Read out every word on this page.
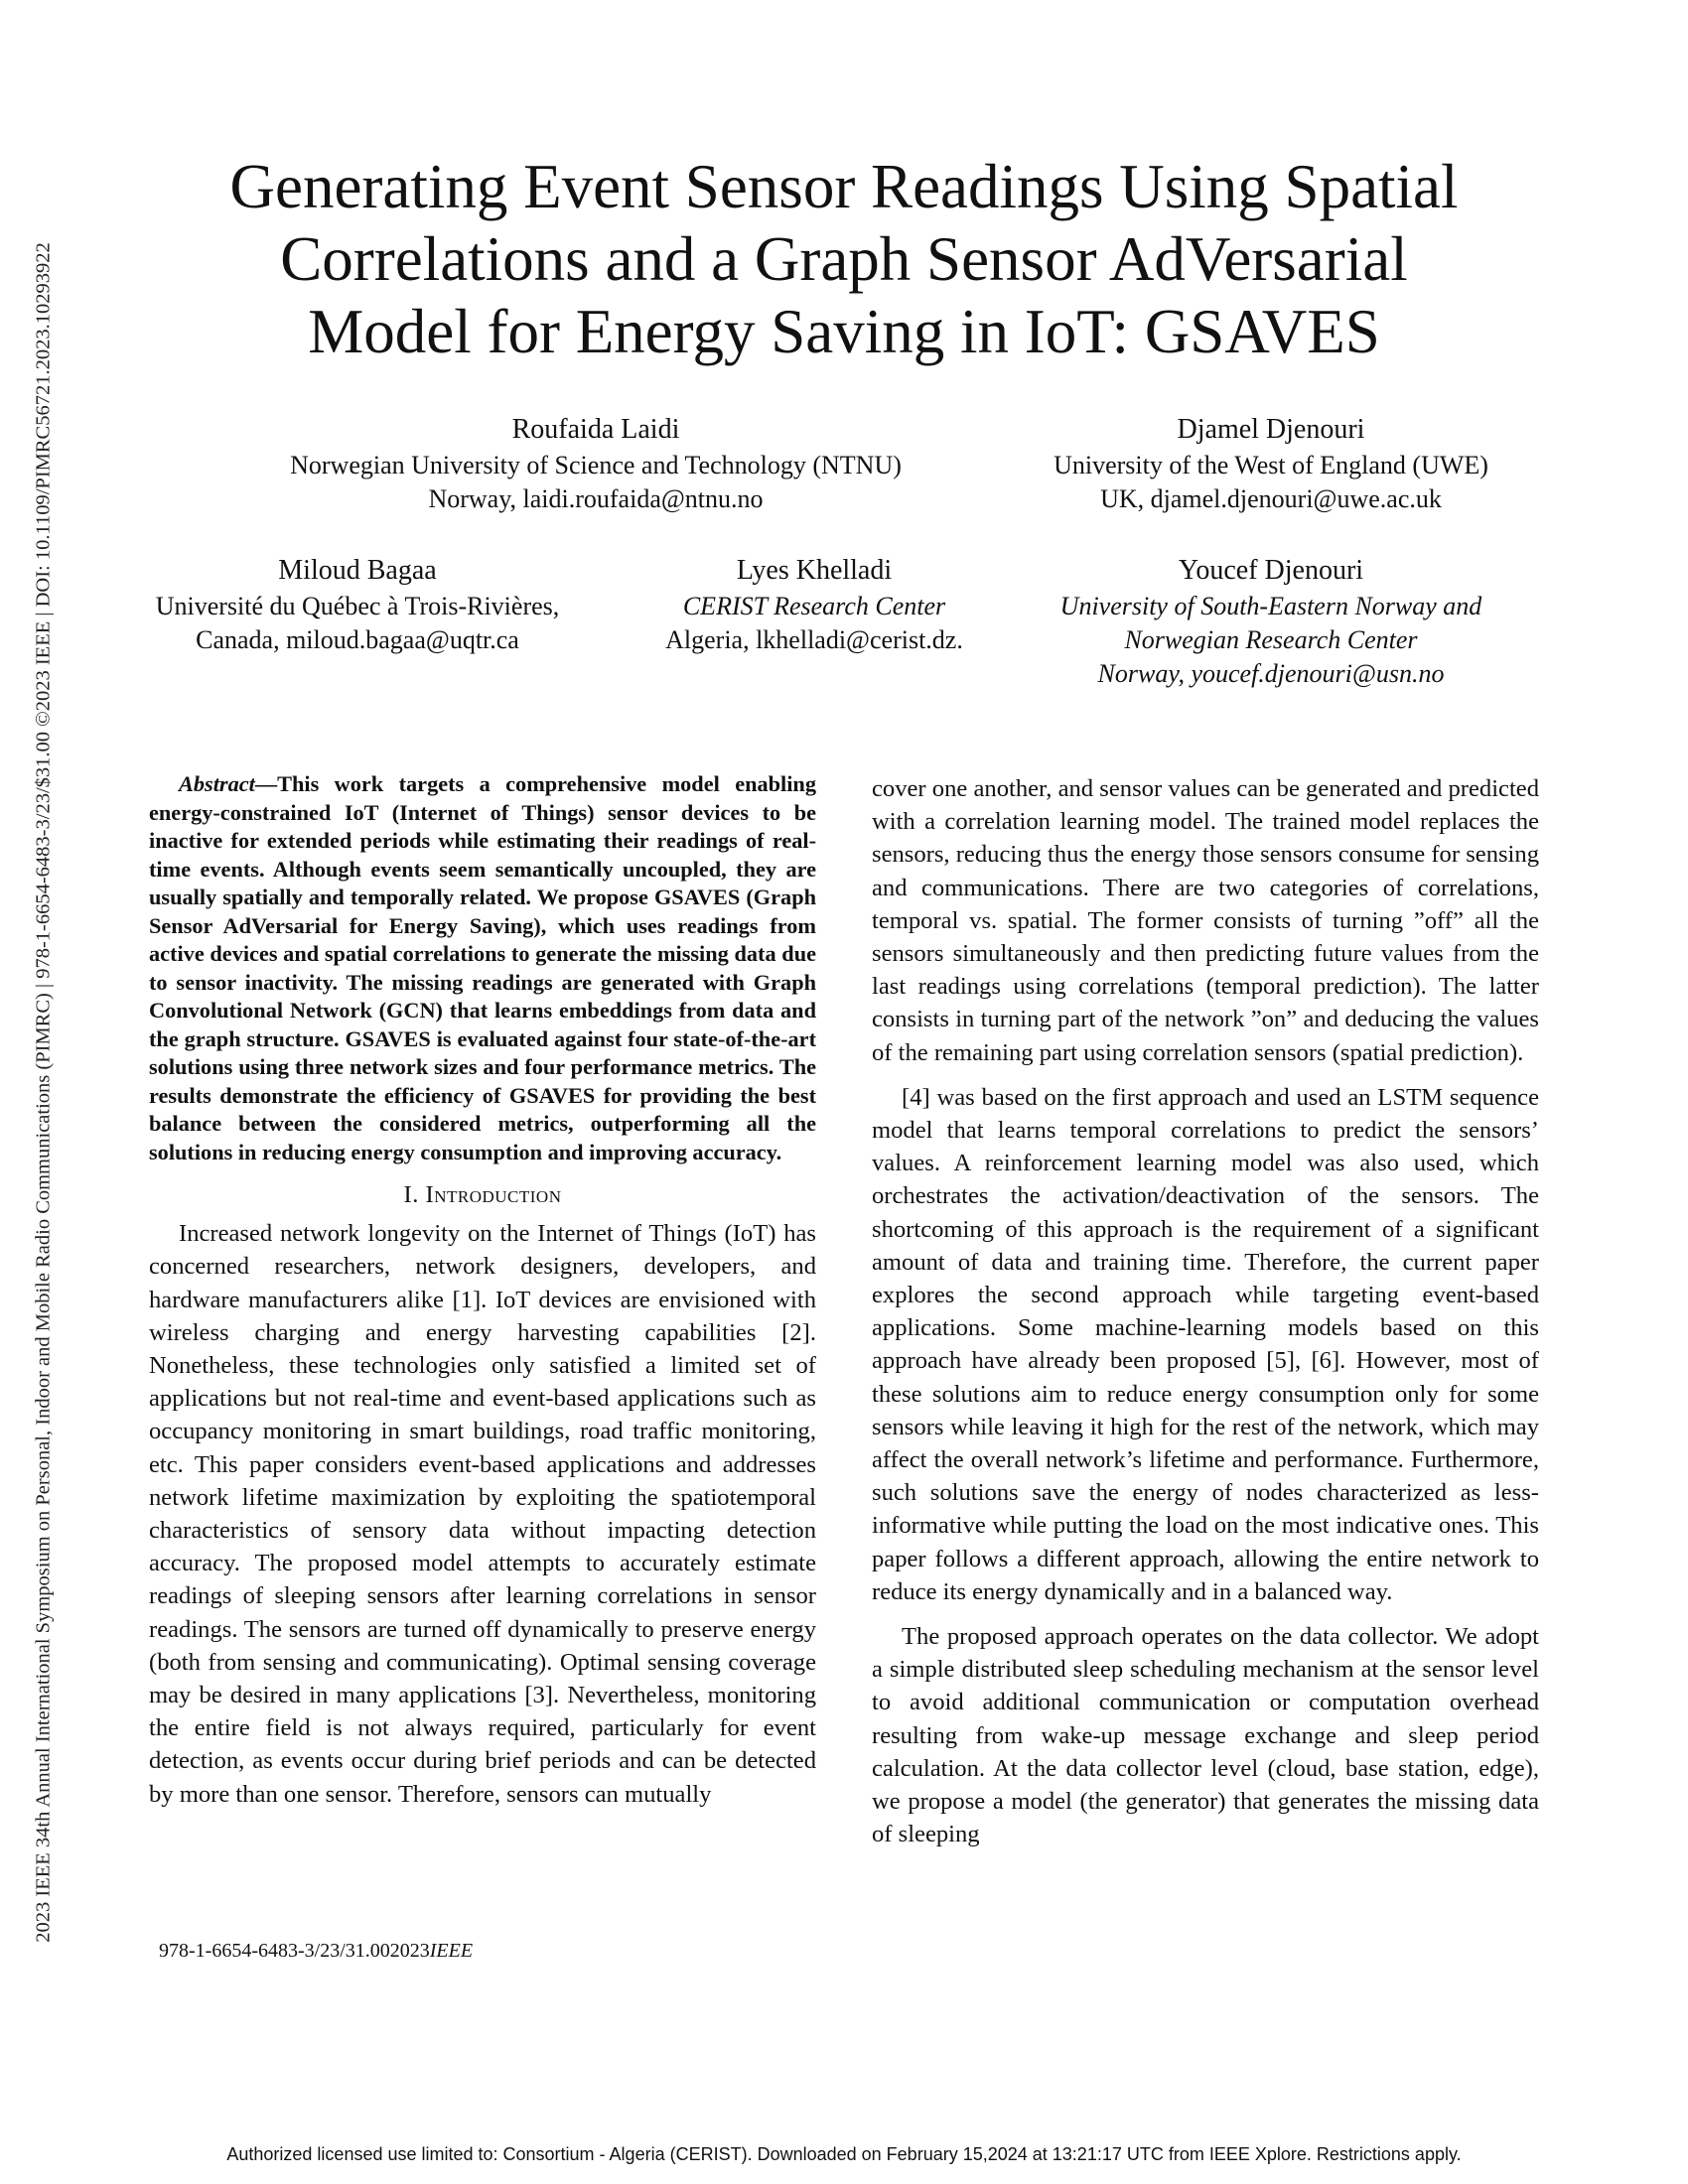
2023 IEEE 34th Annual International Symposium on Personal, Indoor and Mobile Radio Communications (PIMRC) | 978-1-6654-6483-3/23/$31.00 ©2023 IEEE | DOI: 10.1109/PIMRC56721.2023.10293922
Generating Event Sensor Readings Using Spatial
Correlations and a Graph Sensor AdVersarial
Model for Energy Saving in IoT: GSAVES
Roufaida Laidi
Norwegian University of Science and Technology (NTNU)
Norway, laidi.roufaida@ntnu.no
Djamel Djenouri
University of the West of England (UWE)
UK, djamel.djenouri@uwe.ac.uk
Miloud Bagaa
Université du Québec à Trois-Rivières,
Canada, miloud.bagaa@uqtr.ca
Lyes Khelladi
CERIST Research Center
Algeria, lkhelladi@cerist.dz.
Youcef Djenouri
University of South-Eastern Norway and
Norwegian Research Center
Norway, youcef.djenouri@usn.no
Abstract—This work targets a comprehensive model enabling energy-constrained IoT (Internet of Things) sensor devices to be inactive for extended periods while estimating their readings of real-time events. Although events seem semantically uncoupled, they are usually spatially and temporally related. We propose GSAVES (Graph Sensor AdVersarial for Energy Saving), which uses readings from active devices and spatial correlations to generate the missing data due to sensor inactivity. The missing readings are generated with Graph Convolutional Network (GCN) that learns embeddings from data and the graph structure. GSAVES is evaluated against four state-of-the-art solutions using three network sizes and four performance metrics. The results demonstrate the efficiency of GSAVES for providing the best balance between the considered metrics, outperforming all the solutions in reducing energy consumption and improving accuracy.
I. Introduction

Increased network longevity on the Internet of Things (IoT) has concerned researchers, network designers, developers, and hardware manufacturers alike [1]. IoT devices are envisioned with wireless charging and energy harvesting capabilities [2]. Nonetheless, these technologies only satisfied a limited set of applications but not real-time and event-based applications such as occupancy monitoring in smart buildings, road traffic monitoring, etc. This paper considers event-based applications and addresses network lifetime maximization by exploiting the spatiotemporal characteristics of sensory data without impacting detection accuracy. The proposed model attempts to accurately estimate readings of sleeping sensors after learning correlations in sensor readings. The sensors are turned off dynamically to preserve energy (both from sensing and communicating). Optimal sensing coverage may be desired in many applications [3]. Nevertheless, monitoring the entire field is not always required, particularly for event detection, as events occur during brief periods and can be detected by more than one sensor. Therefore, sensors can mutually

cover one another, and sensor values can be generated and predicted with a correlation learning model. The trained model replaces the sensors, reducing thus the energy those sensors consume for sensing and communications. There are two categories of correlations, temporal vs. spatial. The former consists of turning ”off” all the sensors simultaneously and then predicting future values from the last readings using correlations (temporal prediction). The latter consists in turning part of the network ”on” and deducing the values of the remaining part using correlation sensors (spatial prediction).

[4] was based on the first approach and used an LSTM sequence model that learns temporal correlations to predict the sensors’ values. A reinforcement learning model was also used, which orchestrates the activation/deactivation of the sensors. The shortcoming of this approach is the requirement of a significant amount of data and training time. Therefore, the current paper explores the second approach while targeting event-based applications. Some machine-learning models based on this approach have already been proposed [5], [6]. However, most of these solutions aim to reduce energy consumption only for some sensors while leaving it high for the rest of the network, which may affect the overall network’s lifetime and performance. Furthermore, such solutions save the energy of nodes characterized as less-informative while putting the load on the most indicative ones. This paper follows a different approach, allowing the entire network to reduce its energy dynamically and in a balanced way.

The proposed approach operates on the data collector. We adopt a simple distributed sleep scheduling mechanism at the sensor level to avoid additional communication or computation overhead resulting from wake-up message exchange and sleep period calculation. At the data collector level (cloud, base station, edge), we propose a model (the generator) that generates the missing data of sleeping

978-1-6654-6483-3/23/31.002023IEEE
Authorized licensed use limited to: Consortium - Algeria (CERIST). Downloaded on February 15,2024 at 13:21:17 UTC from IEEE Xplore. Restrictions apply.
